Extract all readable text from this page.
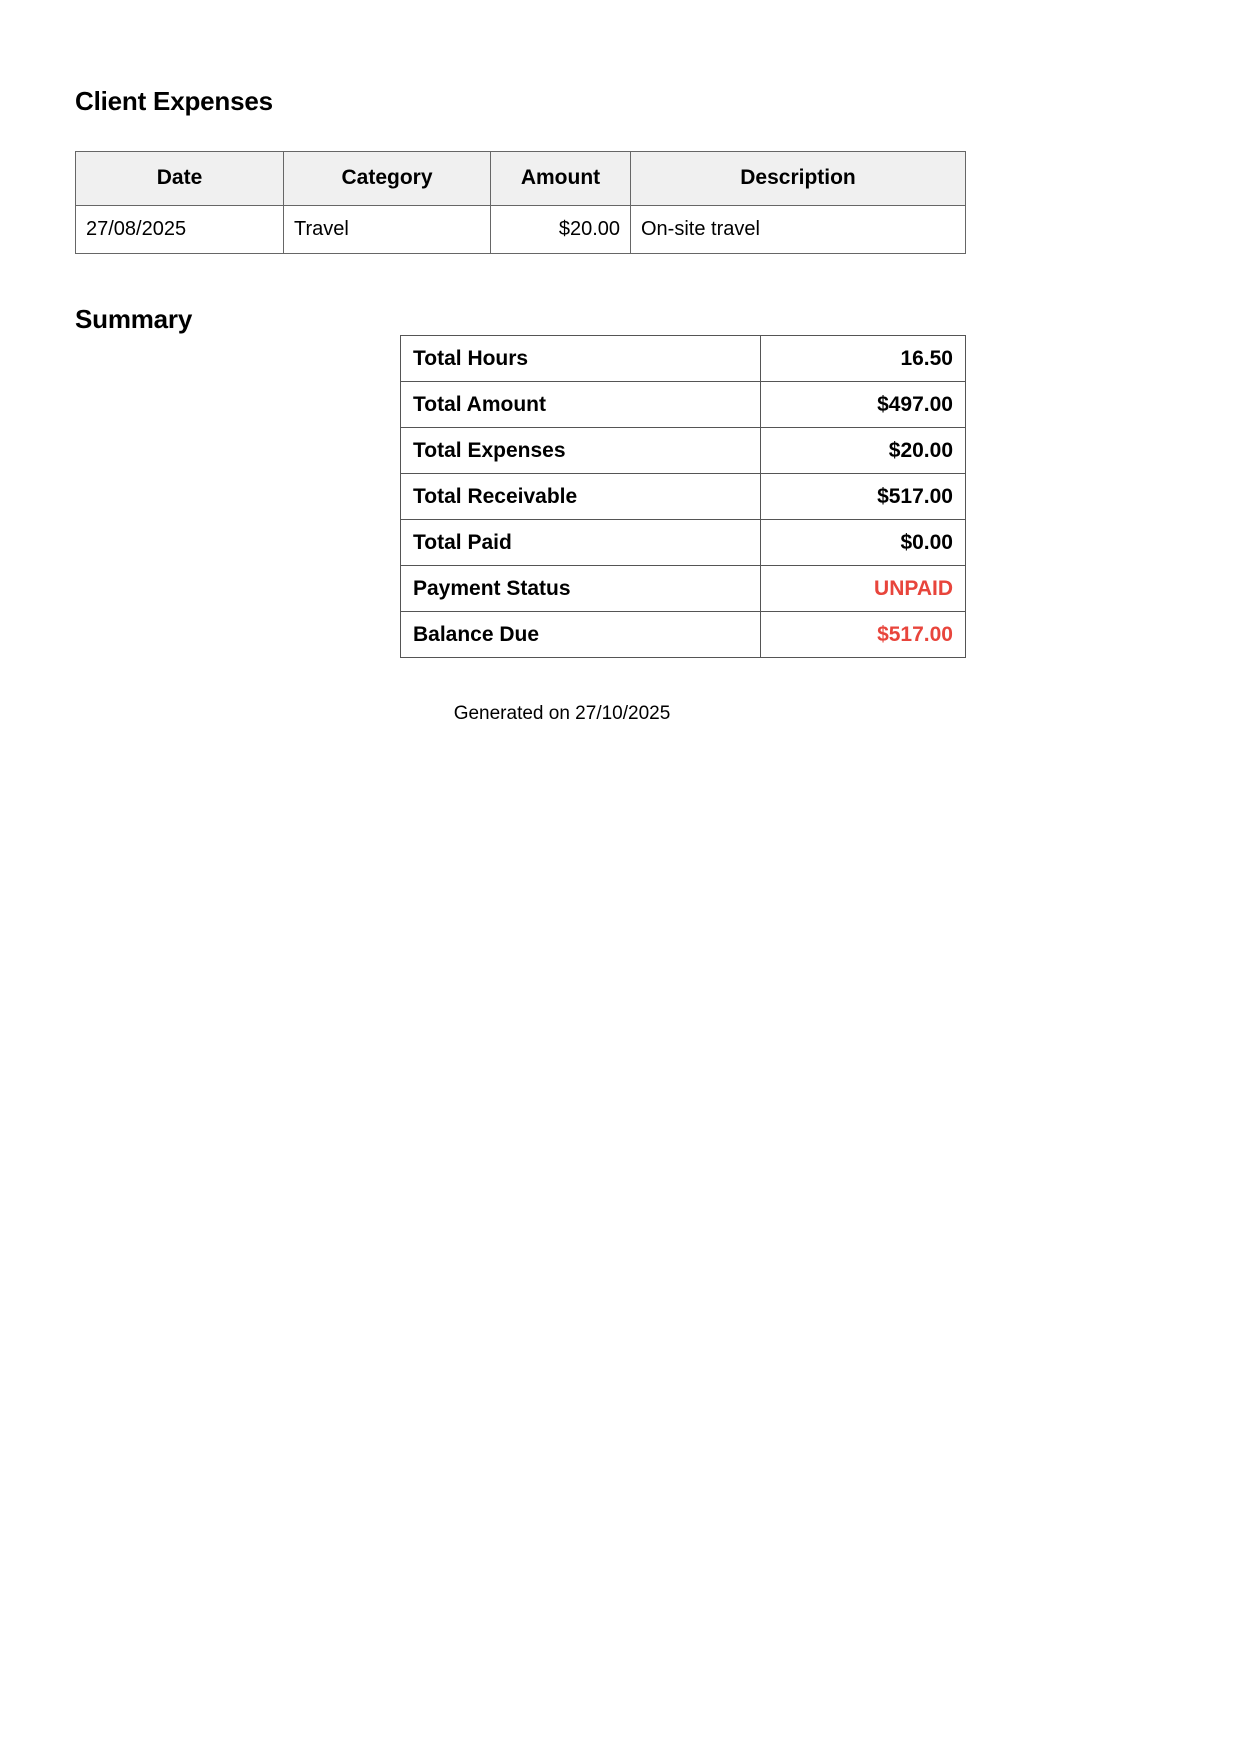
Client Expenses
Date	Category	Amount	Description
27/08/2025	Travel	$20.00	On-site travel
Summary
Total Hours	16.50
Total Amount	$497.00
Total Expenses	$20.00
Total Receivable	$517.00
Total Paid	$0.00
Payment Status	UNPAID
Balance Due	$517.00
Generated on 27/10/2025
